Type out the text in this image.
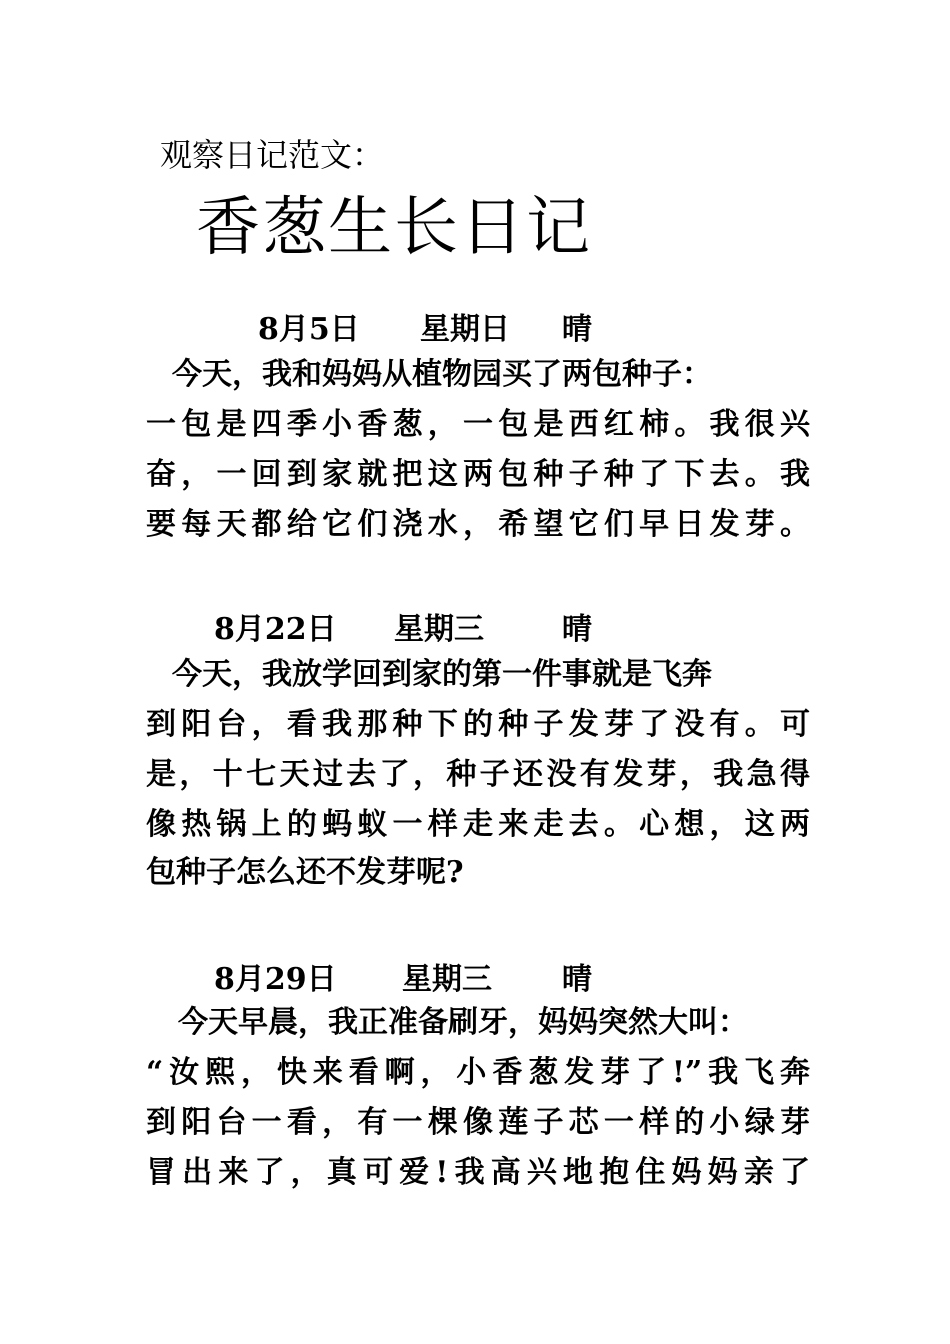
观察日记范文：
香葱生长日记
8月5日 星期日 晴
今天，我和妈妈从植物园买了两包种子：
一包是四季小香葱，一包是西红柿。我很兴
奋，一回到家就把这两包种子种了下去。我
要每天都给它们浇水，希望它们早日发芽。
8月22日 星期三	晴
今天，我放学回到家的第一件事就是飞奔
到阳台，看我那种下的种子发芽了没有。可
是，十七天过去了，种子还没有发芽，我急得
像热锅上的蚂蚁一样走来走去。心想，这两
包种子怎么还不发芽呢?
8月29日 星期三 晴
今天早晨，我正准备刷牙，妈妈突然大叫：
“汝熙，快来看啊，小香葱发芽了!”我飞奔
到阳台一看，有一棵像莲子芯一样的小绿芽
冒出来了，真可爱!我高兴地抱住妈妈亲了
